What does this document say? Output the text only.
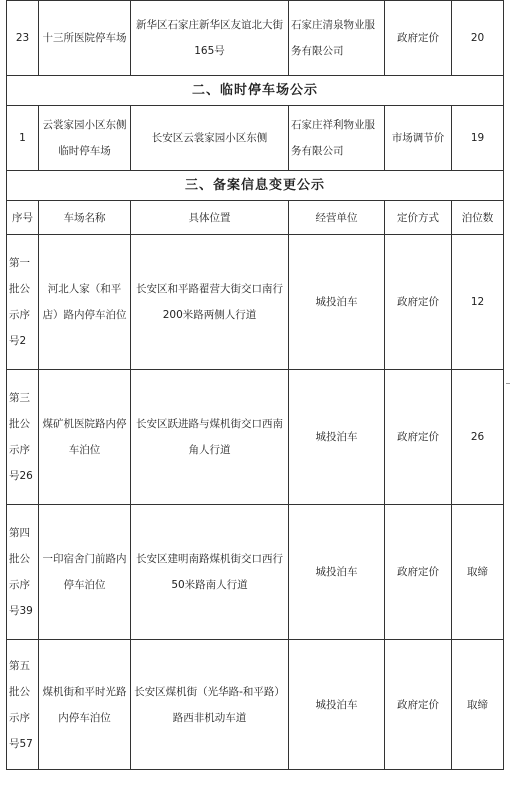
23	十三所医院停车场	新华区石家庄新华区友谊北大街165号	石家庄清泉物业服务有限公司	政府定价	20
二、临时停车场公示					
1	云裳家园小区东侧临时停车场	长安区云裳家园小区东侧	石家庄祥利物业服务有限公司	市场调节价	19
三、备案信息变更公示					
序号	车场名称	具体位置	经营单位	定价方式	泊位数
第一批公示序号2	河北人家（和平店）路内停车泊位	长安区和平路翟营大街交口南行200米路两侧人行道	城投泊车	政府定价	12
第三批公示序号26	煤矿机医院路内停车泊位	长安区跃进路与煤机街交口西南角人行道	城投泊车	政府定价	26
第四批公示序号39	一印宿舍门前路内停车泊位	长安区建明南路煤机街交口西行50米路南人行道	城投泊车	政府定价	取缔
第五批公示序号57	煤机街和平时光路内停车泊位	长安区煤机街（光华路-和平路）路西非机动车道	城投泊车	政府定价	取缔
